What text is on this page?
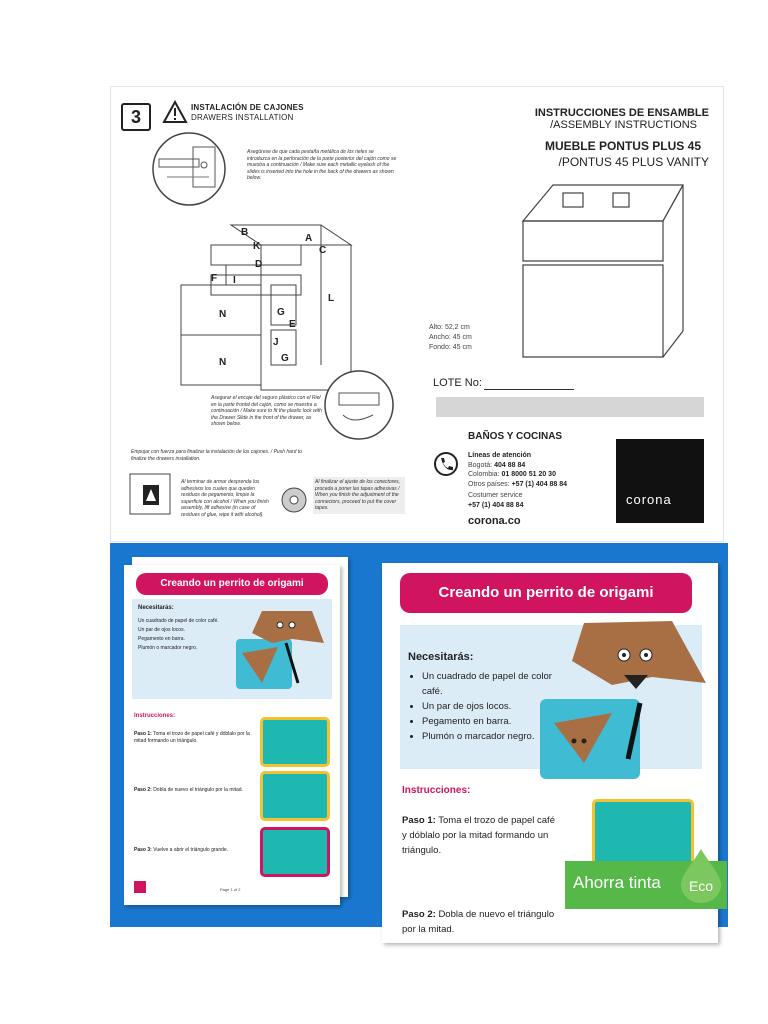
3	INSTALACIÓN DE CAJONES
DRAWERS INSTALLATION
Asegúrese de que cada pestaña metálica de los rieles se introduzca en la perforación de la parte posterior del cajón como se muestra a continuación / Make sure each metallic eyelash of the slides is inserted into the hole in the back of the drawers as shown below.
B
A
K	C
D
F I
L
N	G
E
J
N	G
Asegurar el encaje del seguro plástico con el Riel en la parte frontal del cajón, como se muestra a continuación / Make sure to fit the plastic lock with the Drawer Slide in the front of the drawer, as shown below.
Empujar con fuerza para finalizar la instalación de los cajones. / Push hard to finalize the drawers installation.
Al terminar de armar desprenda los adhesivos los cuales que queden residuos de pegamento, limpie la superficie con alcohol / When you finish assembly, lift adhesive (in case of residues of glue, wipe it with alcohol).
Al finalizar el ajuste de los conectores, proceda a poner las tapas adhesivas / When you finish the adjustment of the connectors, proceed to put the cover tapes.
INSTRUCCIONES DE ENSAMBLE
/ASSEMBLY INSTRUCTIONS
MUEBLE PONTUS PLUS 45
/PONTUS 45 PLUS VANITY
Alto: 52,2 cm
Ancho: 45 cm
Fondo: 45 cm
LOTE No:
BAÑOS Y COCINAS
Líneas de atención
Bogotá: 404 88 84
Colombia: 01 8000 51 20 30
Otros países: +57 (1) 404 88 84
Costumer service
+57 (1) 404 88 84
corona.co
corona
Creando un perrito de origami
Necesitarás:
Un cuadrado de papel de color café.
Un par de ojos locos.
Pegamento en barra.
Plumón o marcador negro.
Instrucciones:
Paso 1: Toma el trozo de papel café y dóblalo por la mitad formando un triángulo.
Paso 2: Dobla de nuevo el triángulo por la mitad.
Paso 3: Vuelve a abrir el triángulo grande.
Page 1 of 2
Creando un perrito de origami
Necesitarás:
• Un cuadrado de papel de color café.
• Un par de ojos locos.
• Pegamento en barra.
• Plumón o marcador negro.
Instrucciones:
Paso 1: Toma el trozo de papel café y dóblalo por la mitad formando un triángulo.
Paso 2: Dobla de nuevo el triángulo por la mitad.
Ahorra tinta Eco
